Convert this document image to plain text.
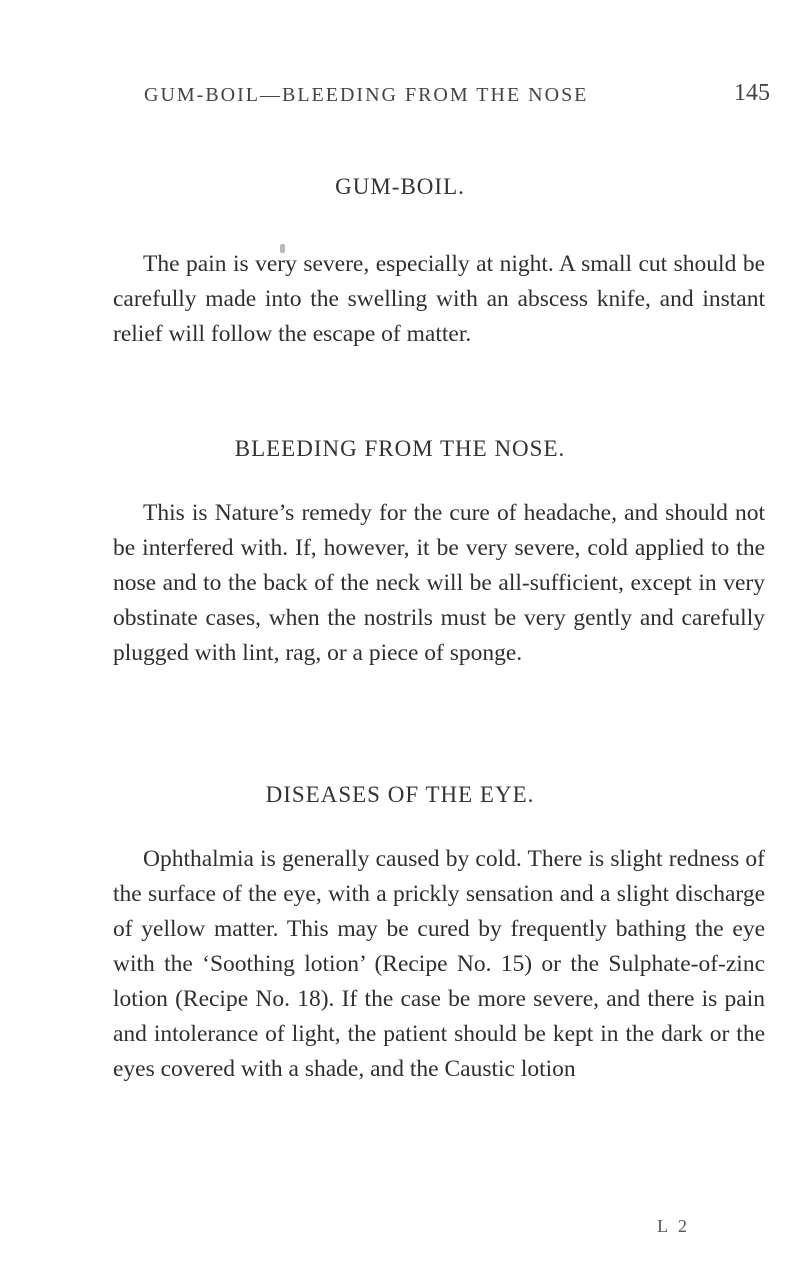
GUM-BOIL—BLEEDING FROM THE NOSE	145
GUM-BOIL.
The pain is very severe, especially at night. A small cut should be carefully made into the swelling with an abscess knife, and instant relief will follow the escape of matter.
BLEEDING FROM THE NOSE.
This is Nature’s remedy for the cure of headache, and should not be interfered with. If, however, it be very severe, cold applied to the nose and to the back of the neck will be all-sufficient, except in very obstinate cases, when the nostrils must be very gently and carefully plugged with lint, rag, or a piece of sponge.
DISEASES OF THE EYE.
Ophthalmia is generally caused by cold. There is slight redness of the surface of the eye, with a prickly sensation and a slight discharge of yellow matter. This may be cured by frequently bathing the eye with the ‘Soothing lotion’ (Recipe No. 15) or the Sulphate-of-zinc lotion (Recipe No. 18). If the case be more severe, and there is pain and intolerance of light, the patient should be kept in the dark or the eyes covered with a shade, and the Caustic lotion
L 2
